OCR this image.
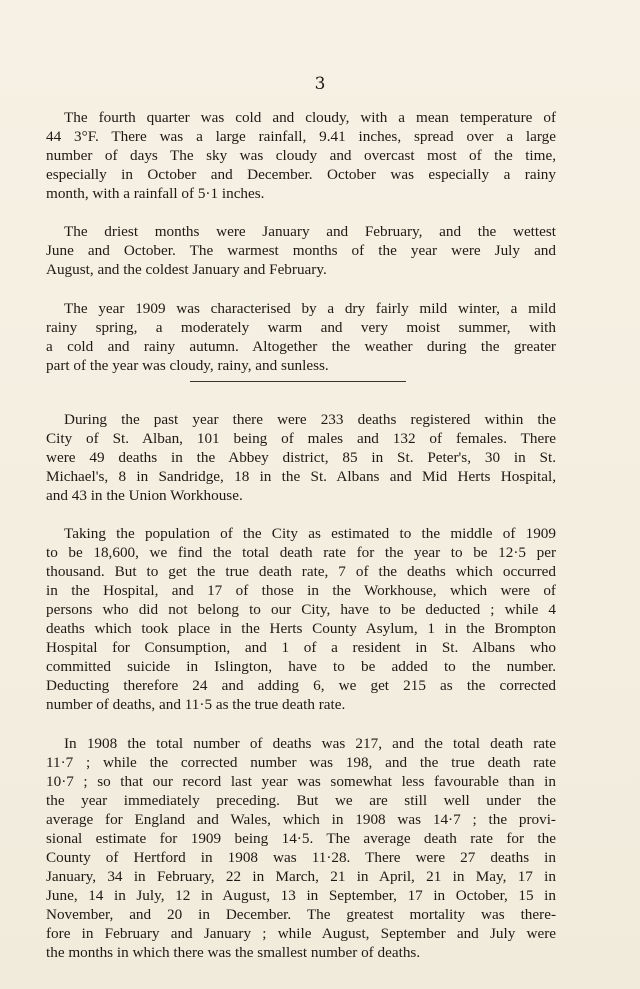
3

The fourth quarter was cold and cloudy, with a mean temperature of
44 3°F. There was a large rainfall, 9.41 inches, spread over a large
number of days The sky was cloudy and overcast most of the time,
especially in October and December. October was especially a rainy
month, with a rainfall of 5·1 inches.

The driest months were January and February, and the wettest
June and October. The warmest months of the year were July and
August, and the coldest January and February.

The year 1909 was characterised by a dry fairly mild winter, a mild
rainy spring, a moderately warm and very moist summer, with
a cold and rainy autumn. Altogether the weather during the greater
part of the year was cloudy, rainy, and sunless.

During the past year there were 233 deaths registered within the
City of St. Alban, 101 being of males and 132 of females. There
were 49 deaths in the Abbey district, 85 in St. Peter's, 30 in St.
Michael's, 8 in Sandridge, 18 in the St. Albans and Mid Herts Hospital,
and 43 in the Union Workhouse.

Taking the population of the City as estimated to the middle of 1909
to be 18,600, we find the total death rate for the year to be 12·5 per
thousand. But to get the true death rate, 7 of the deaths which occurred
in the Hospital, and 17 of those in the Workhouse, which were of
persons who did not belong to our City, have to be deducted ; while 4
deaths which took place in the Herts County Asylum, 1 in the Brompton
Hospital for Consumption, and 1 of a resident in St. Albans who
committed suicide in Islington, have to be added to the number.
Deducting therefore 24 and adding 6, we get 215 as the corrected
number of deaths, and 11·5 as the true death rate.

In 1908 the total number of deaths was 217, and the total death rate
11·7 ; while the corrected number was 198, and the true death rate
10·7 ; so that our record last year was somewhat less favourable than in
the year immediately preceding. But we are still well under the
average for England and Wales, which in 1908 was 14·7 ; the provi-
sional estimate for 1909 being 14·5. The average death rate for the
County of Hertford in 1908 was 11·28. There were 27 deaths in
January, 34 in February, 22 in March, 21 in April, 21 in May, 17 in
June, 14 in July, 12 in August, 13 in September, 17 in October, 15 in
November, and 20 in December. The greatest mortality was there-
fore in February and January ; while August, September and July were
the months in which there was the smallest number of deaths.
